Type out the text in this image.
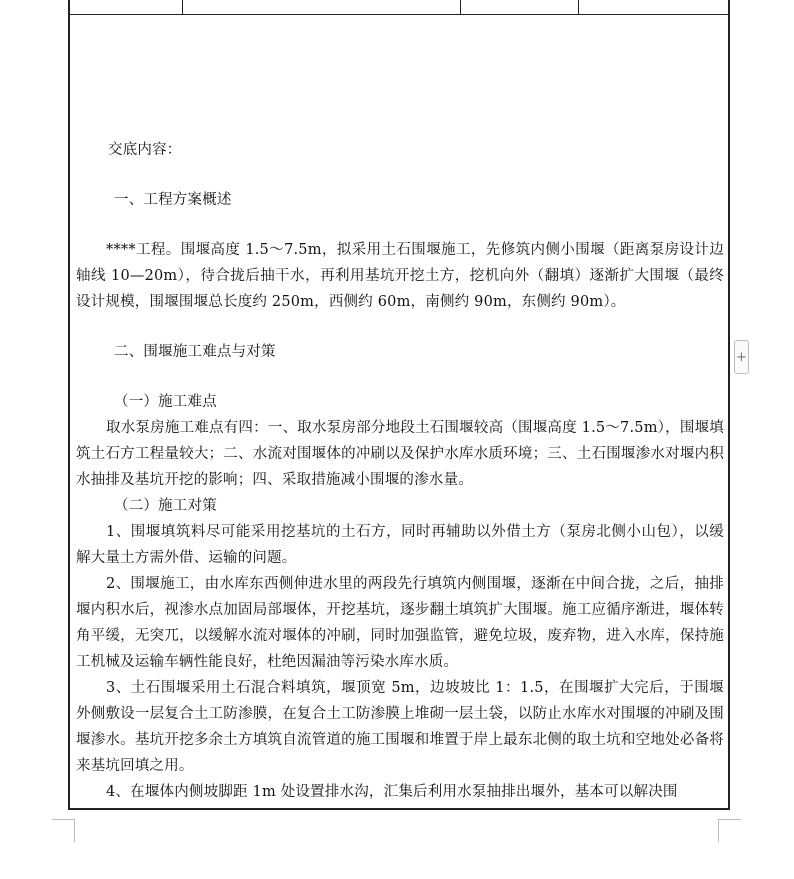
交底内容：

一、工程方案概述

****工程。围堰高度 1.5～7.5m，拟采用土石围堰施工，先修筑内侧小围堰（距离泵房设计边轴线 10—20m），待合拢后抽干水，再利用基坑开挖土方，挖机向外（翻填）逐渐扩大围堰（最终设计规模，围堰围堰总长度约 250m，西侧约 60m，南侧约 90m，东侧约 90m）。

二、围堰施工难点与对策

（一）施工难点

取水泵房施工难点有四：一、取水泵房部分地段土石围堰较高（围堰高度 1.5～7.5m），围堰填筑土石方工程量较大；二、水流对围堰体的冲刷以及保护水库水质环境；三、土石围堰渗水对堰内积水抽排及基坑开挖的影响；四、采取措施减小围堰的渗水量。

（二）施工对策

1、围堰填筑料尽可能采用挖基坑的土石方，同时再辅助以外借土方（泵房北侧小山包），以缓解大量土方需外借、运输的问题。

2、围堰施工，由水库东西侧伸进水里的两段先行填筑内侧围堰，逐渐在中间合拢，之后，抽排堰内积水后，视渗水点加固局部堰体，开挖基坑，逐步翻土填筑扩大围堰。施工应循序渐进，堰体转角平缓，无突兀，以缓解水流对堰体的冲刷，同时加强监管，避免垃圾，废弃物，进入水库，保持施工机械及运输车辆性能良好，杜绝因漏油等污染水库水质。

3、土石围堰采用土石混合料填筑，堰顶宽 5m，边坡坡比 1：1.5，在围堰扩大完后，于围堰外侧敷设一层复合土工防渗膜，在复合土工防渗膜上堆砌一层土袋，以防止水库水对围堰的冲刷及围堰渗水。基坑开挖多余土方填筑自流管道的施工围堰和堆置于岸上最东北侧的取土坑和空地处必备将来基坑回填之用。

4、在堰体内侧坡脚距 1m 处设置排水沟，汇集后利用水泵抽排出堰外，基本可以解决围

+
